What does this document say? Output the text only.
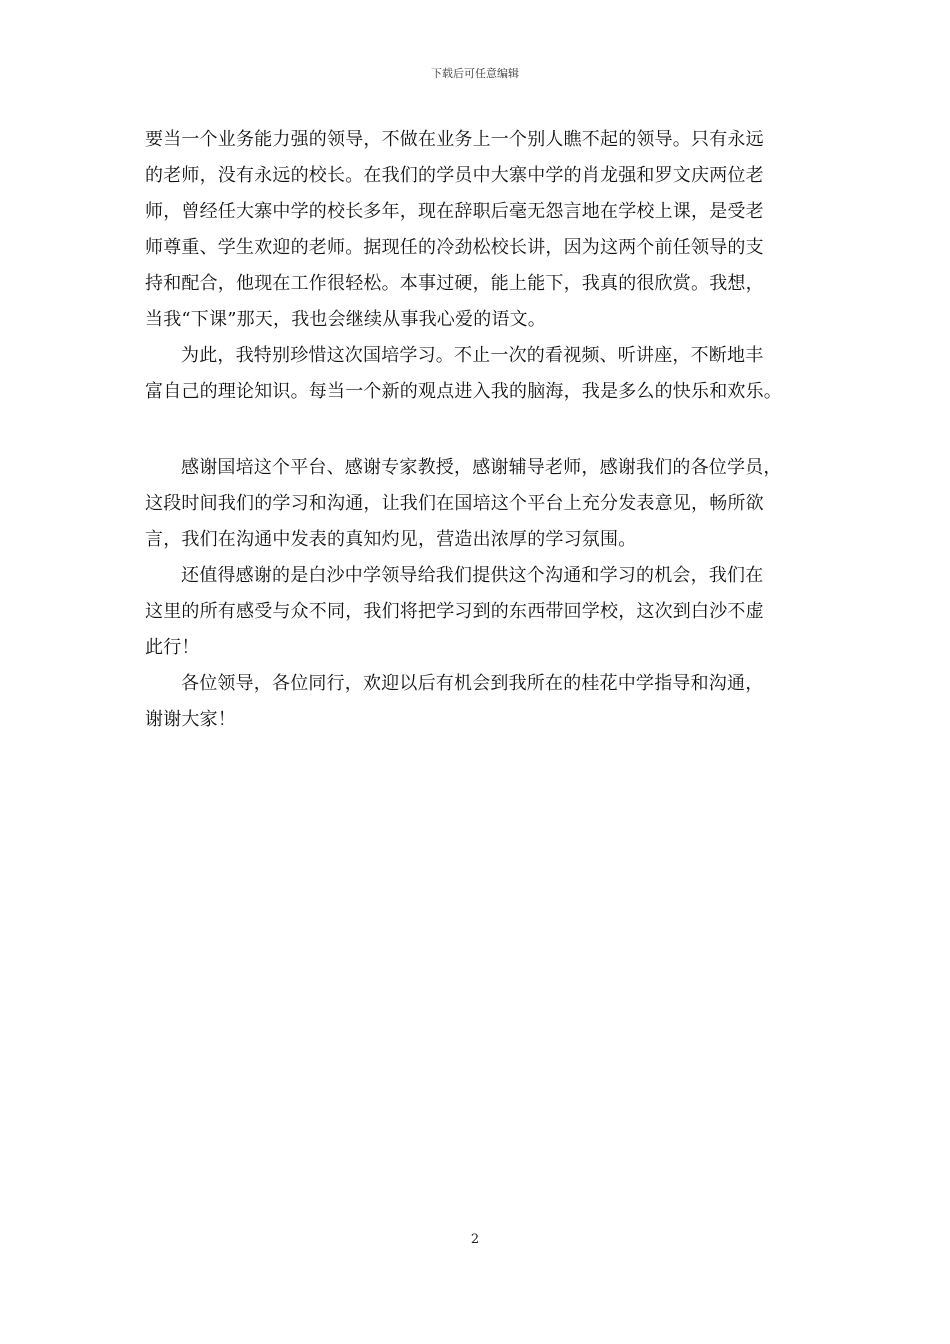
下载后可任意编辑
要当一个业务能力强的领导，不做在业务上一个别人瞧不起的领导。只有永远
的老师，没有永远的校长。在我们的学员中大寨中学的肖龙强和罗文庆两位老
师，曾经任大寨中学的校长多年，现在辞职后毫无怨言地在学校上课，是受老
师尊重、学生欢迎的老师。据现任的冷劲松校长讲，因为这两个前任领导的支
持和配合，他现在工作很轻松。本事过硬，能上能下，我真的很欣赏。我想，
当我“下课”那天，我也会继续从事我心爱的语文。
为此，我特别珍惜这次国培学习。不止一次的看视频、听讲座，不断地丰
富自己的理论知识。每当一个新的观点进入我的脑海，我是多么的快乐和欢乐。
感谢国培这个平台、感谢专家教授，感谢辅导老师，感谢我们的各位学员，
这段时间我们的学习和沟通，让我们在国培这个平台上充分发表意见，畅所欲
言，我们在沟通中发表的真知灼见，营造出浓厚的学习氛围。
还值得感谢的是白沙中学领导给我们提供这个沟通和学习的机会，我们在
这里的所有感受与众不同，我们将把学习到的东西带回学校，这次到白沙不虚
此行！
各位领导，各位同行，欢迎以后有机会到我所在的桂花中学指导和沟通，
谢谢大家！
2
